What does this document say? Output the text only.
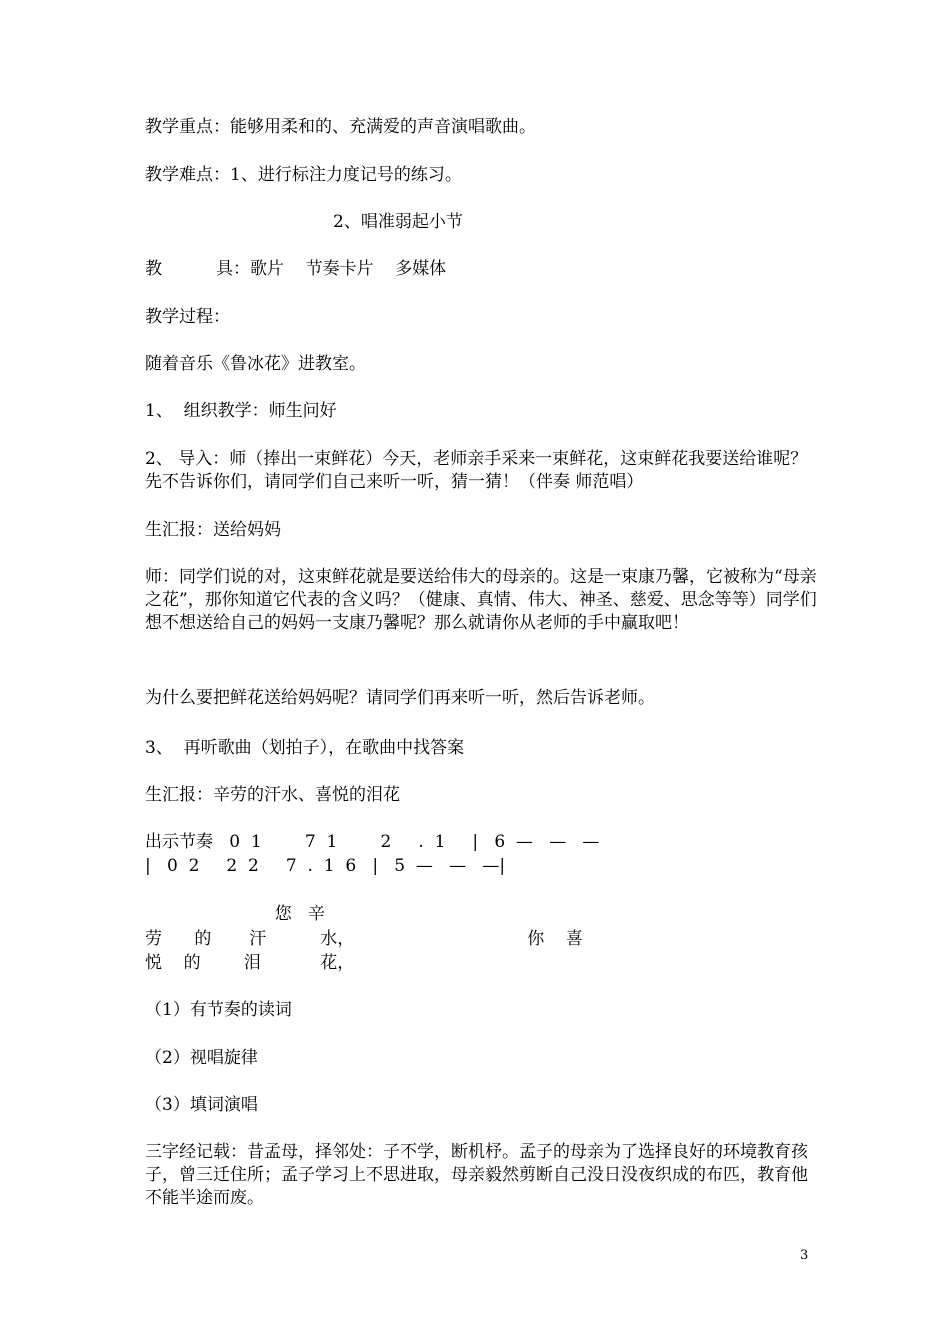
教学重点：能够用柔和的、充满爱的声音演唱歌曲。

教学难点：1、进行标注力度记号的练习。

2、唱准弱起小节

教          具：歌片    节奏卡片    多媒体

教学过程：

随着音乐《鲁冰花》进教室。

1、  组织教学：师生问好

2、 导入：师（捧出一束鲜花）今天，老师亲手采来一束鲜花，这束鲜花我要送给谁呢？先不告诉你们，请同学们自己来听一听，猜一猜！（伴奏 师范唱）

生汇报：送给妈妈

师：同学们说的对，这束鲜花就是要送给伟大的母亲的。这是一束康乃馨，它被称为“母亲之花”，那你知道它代表的含义吗？（健康、真情、伟大、神圣、慈爱、思念等等）同学们想不想送给自己的妈妈一支康乃馨呢？那么就请你从老师的手中赢取吧！

为什么要把鲜花送给妈妈呢？请同学们再来听一听，然后告诉老师。

3、  再听歌曲（划拍子），在歌曲中找答案

生汇报：辛劳的汗水、喜悦的泪花

出示节奏   0  1        7  1        2     .  1     |   6  —   —   —

|   0  2     2  2     7  .  1  6   |   5  —   —   —|

您   辛

劳      的       汗          水，                                你    喜

悦    的        泪           花，

（1）有节奏的读词

（2）视唱旋律

（3）填词演唱

三字经记载：昔孟母，择邻处：子不学，断机杼。孟子的母亲为了选择良好的环境教育孩子，曾三迁住所；孟子学习上不思进取，母亲毅然剪断自己没日没夜织成的布匹，教育他不能半途而废。

3
